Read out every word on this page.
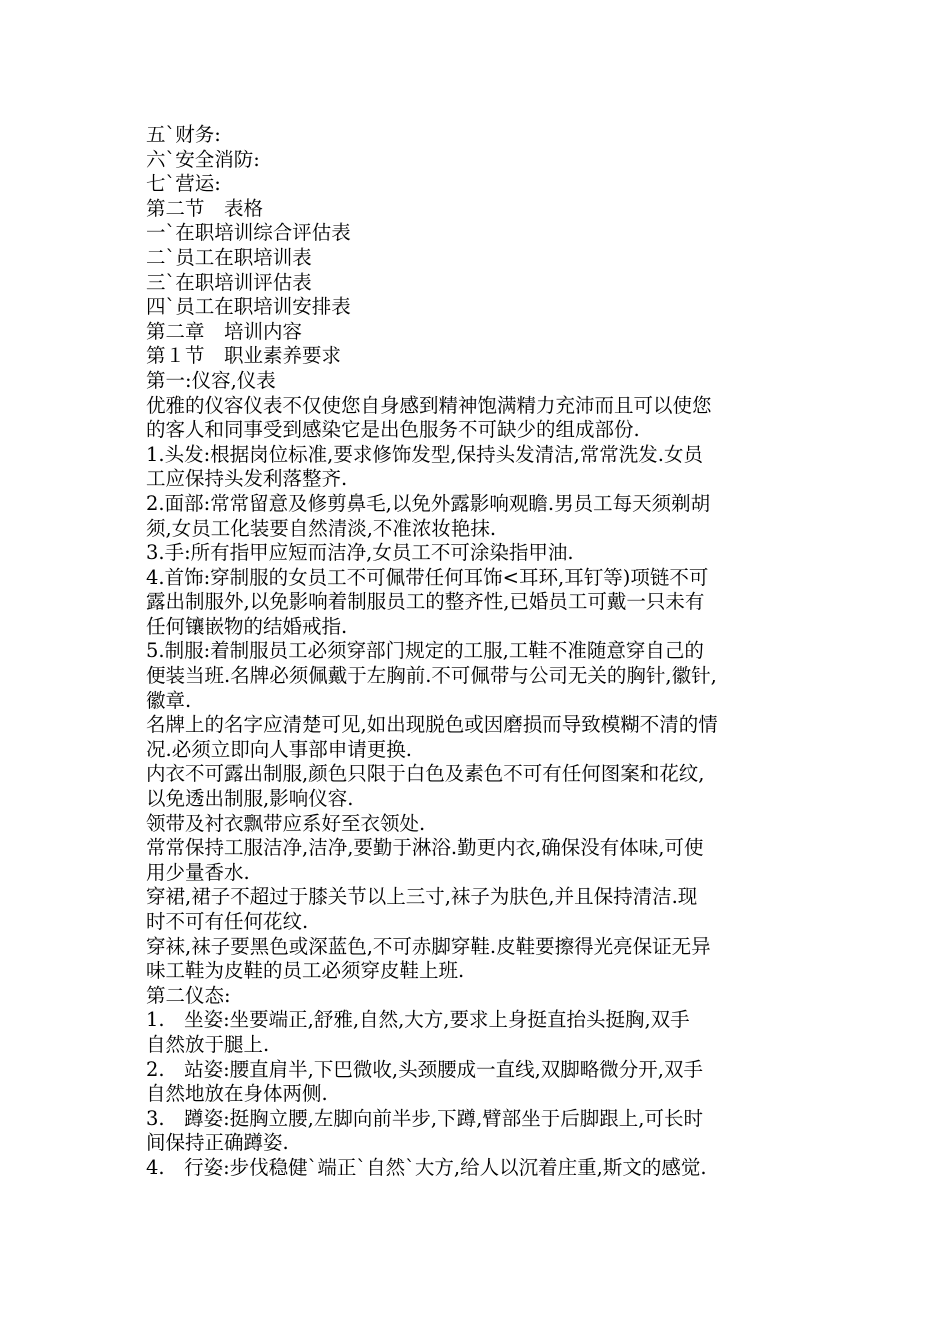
五`财务:
六`安全消防:
七`营运:
第二节　表格
一`在职培训综合评估表
二`员工在职培训表
三`在职培训评估表
四`员工在职培训安排表
第二章　培训内容
第１节　职业素养要求
第一:仪容,仪表
优雅的仪容仪表不仅使您自身感到精神饱满精力充沛而且可以使您
的客人和同事受到感染它是出色服务不可缺少的组成部份.
1.头发:根据岗位标准,要求修饰发型,保持头发清洁,常常洗发.女员
工应保持头发利落整齐.
2.面部:常常留意及修剪鼻毛,以免外露影响观瞻.男员工每天须剃胡
须,女员工化装要自然清淡,不准浓妆艳抹.
3.手:所有指甲应短而洁净,女员工不可涂染指甲油.
4.首饰:穿制服的女员工不可佩带任何耳饰<耳环,耳钉等)项链不可
露出制服外,以免影响着制服员工的整齐性,已婚员工可戴一只未有
任何镶嵌物的结婚戒指.
5.制服:着制服员工必须穿部门规定的工服,工鞋不准随意穿自己的
便装当班.名牌必须佩戴于左胸前.不可佩带与公司无关的胸针,徽针,
徽章.
名牌上的名字应清楚可见,如出现脱色或因磨损而导致模糊不清的情
况.必须立即向人事部申请更换.
内衣不可露出制服,颜色只限于白色及素色不可有任何图案和花纹,
以免透出制服,影响仪容.
领带及衬衣飘带应系好至衣领处.
常常保持工服洁净,洁净,要勤于淋浴.勤更内衣,确保没有体味,可使
用少量香水.
穿裙,裙子不超过于膝关节以上三寸,袜子为肤色,并且保持清洁.现
时不可有任何花纹.
穿袜,袜子要黑色或深蓝色,不可赤脚穿鞋.皮鞋要擦得光亮保证无异
味工鞋为皮鞋的员工必须穿皮鞋上班.
第二仪态:
1.　坐姿:坐要端正,舒雅,自然,大方,要求上身挺直抬头挺胸,双手
自然放于腿上.
2.　站姿:腰直肩半,下巴微收,头颈腰成一直线,双脚略微分开,双手
自然地放在身体两侧.
3.　蹲姿:挺胸立腰,左脚向前半步,下蹲,臂部坐于后脚跟上,可长时
间保持正确蹲姿.
4.　行姿:步伐稳健`端正`自然`大方,给人以沉着庄重,斯文的感觉.
